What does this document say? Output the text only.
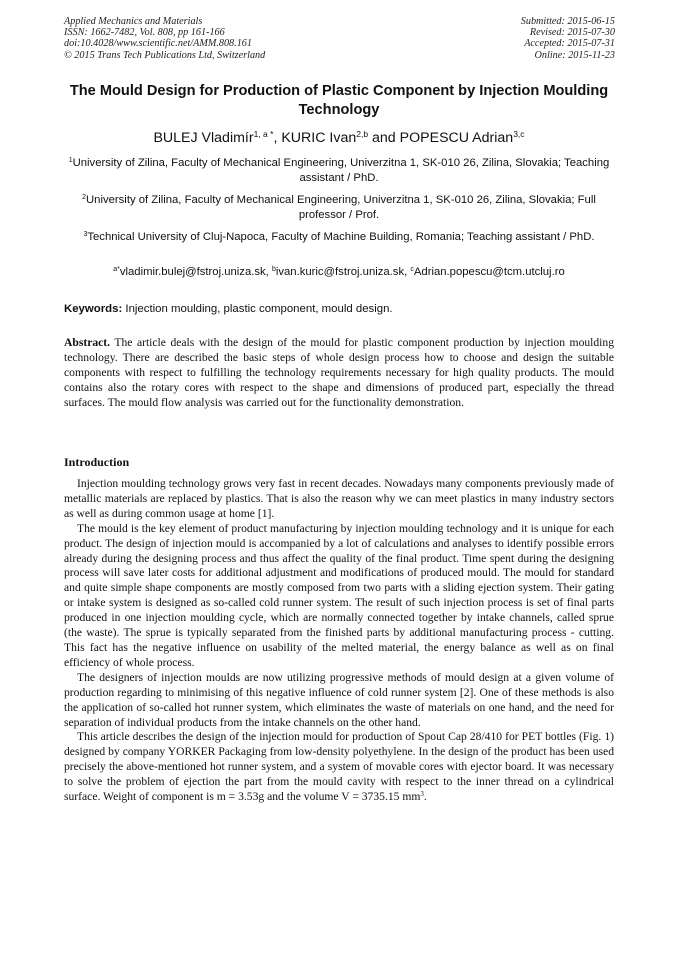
Applied Mechanics and Materials
ISSN: 1662-7482, Vol. 808, pp 161-166
doi:10.4028/www.scientific.net/AMM.808.161
© 2015 Trans Tech Publications Ltd, Switzerland
Submitted: 2015-06-15
Revised: 2015-07-30
Accepted: 2015-07-31
Online: 2015-11-23
The Mould Design for Production of Plastic Component by Injection Moulding Technology
BULEJ Vladimír$^{1, a *}$, KURIC Ivan$^{2,b}$ and POPESCU Adrian$^{3,c}$
$^1$University of Zilina, Faculty of Mechanical Engineering, Univerzitna 1, SK-010 26, Zilina, Slovakia; Teaching assistant / PhD.
$^2$University of Zilina, Faculty of Mechanical Engineering, Univerzitna 1, SK-010 26, Zilina, Slovakia; Full professor / Prof.
$^3$Technical University of Cluj-Napoca, Faculty of Machine Building, Romania; Teaching assistant / PhD.
$^{a*}$vladimir.bulej@fstroj.uniza.sk, $^b$ivan.kuric@fstroj.uniza.sk, $^c$Adrian.popescu@tcm.utcluj.ro
Keywords: Injection moulding, plastic component, mould design.
Abstract. The article deals with the design of the mould for plastic component production by injection moulding technology. There are described the basic steps of whole design process how to choose and design the suitable components with respect to fulfilling the technology requirements necessary for high quality products. The mould contains also the rotary cores with respect to the shape and dimensions of produced part, especially the thread surfaces. The mould flow analysis was carried out for the functionality demonstration.
Introduction

Injection moulding technology grows very fast in recent decades. Nowadays many components previously made of metallic materials are replaced by plastics. That is also the reason why we can meet plastics in many industry sectors as well as during common usage at home [1].

The mould is the key element of product manufacturing by injection moulding technology and it is unique for each product. The design of injection mould is accompanied by a lot of calculations and analyses to identify possible errors already during the designing process and thus affect the quality of the final product. Time spent during the designing process will save later costs for additional adjustment and modifications of produced mould. The mould for standard and quite simple shape components are mostly composed from two parts with a sliding ejection system. Their gating or intake system is designed as so-called cold runner system. The result of such injection process is set of final parts produced in one injection moulding cycle, which are normally connected together by intake channels, called sprue (the waste). The sprue is typically separated from the finished parts by additional manufacturing process - cutting. This fact has the negative influence on usability of the melted material, the energy balance as well as on final efficiency of whole process.

The designers of injection moulds are now utilizing progressive methods of mould design at a given volume of production regarding to minimising of this negative influence of cold runner system [2]. One of these methods is also the application of so-called hot runner system, which eliminates the waste of materials on one hand, and the need for separation of individual products from the intake channels on the other hand.

This article describes the design of the injection mould for production of Spout Cap 28/410 for PET bottles (Fig. 1) designed by company YORKER Packaging from low-density polyethylene. In the design of the product has been used precisely the above-mentioned hot runner system, and a system of movable cores with ejector board. It was necessary to solve the problem of ejection the part from the mould cavity with respect to the inner thread on a cylindrical surface. Weight of component is m = 3.53g and the volume V = 3735.15 $mm^3$.
